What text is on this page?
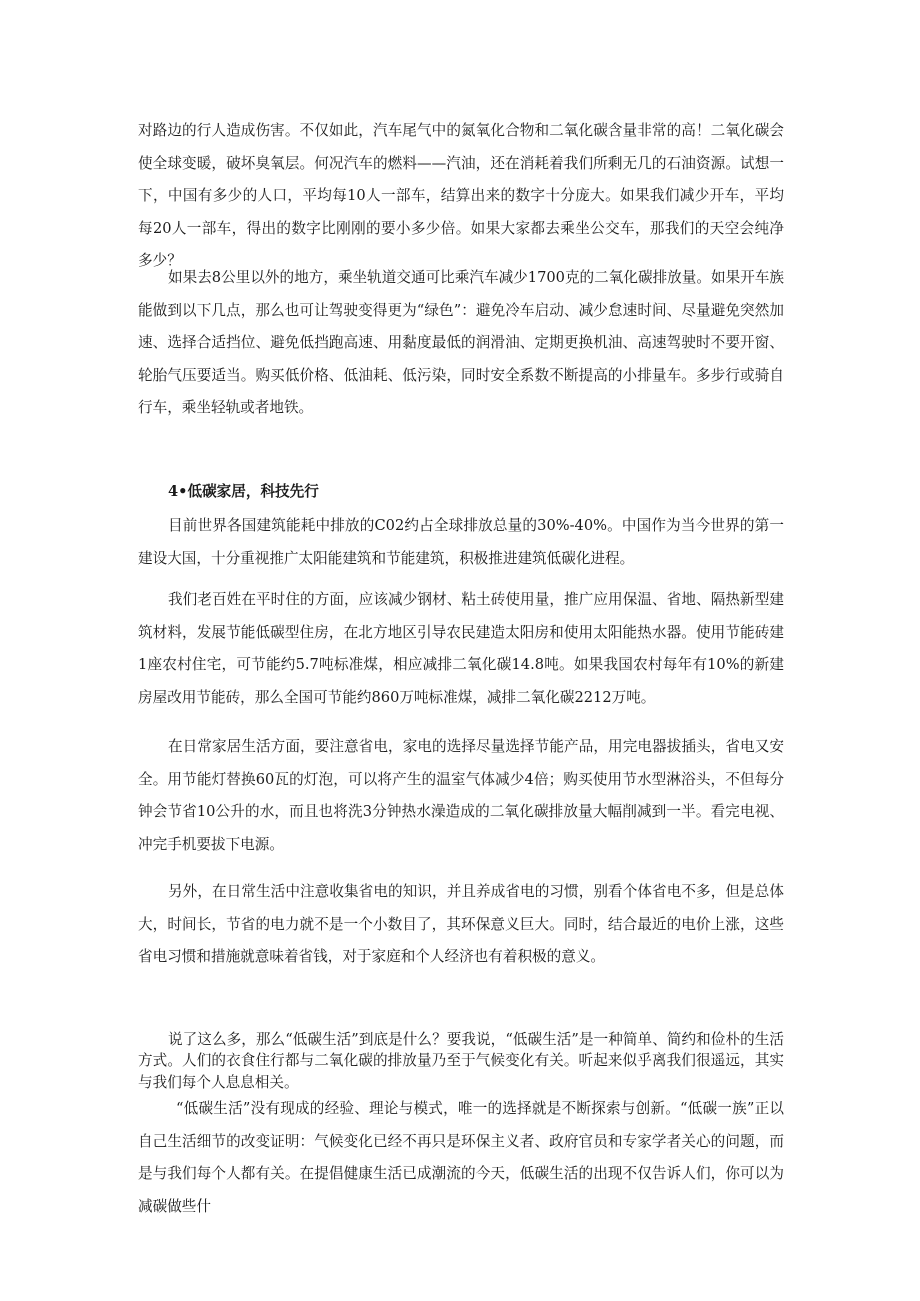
对路边的行人造成伤害。不仅如此，汽车尾气中的氮氧化合物和二氧化碳含量非常的高！二氧化碳会使全球变暖，破坏臭氧层。何况汽车的燃料——汽油，还在消耗着我们所剩无几的石油资源。试想一下，中国有多少的人口，平均每10人一部车，结算出来的数字十分庞大。如果我们减少开车，平均每20人一部车，得出的数字比刚刚的要小多少倍。如果大家都去乘坐公交车，那我们的天空会纯净多少？

如果去8公里以外的地方，乘坐轨道交通可比乘汽车减少1700克的二氧化碳排放量。如果开车族能做到以下几点，那么也可让驾驶变得更为“绿色”：避免冷车启动、减少怠速时间、尽量避免突然加速、选择合适挡位、避免低挡跑高速、用黏度最低的润滑油、定期更换机油、高速驾驶时不要开窗、轮胎气压要适当。购买低价格、低油耗、低污染，同时安全系数不断提高的小排量车。多步行或骑自行车，乘坐轻轨或者地铁。

4•低碳家居，科技先行

目前世界各国建筑能耗中排放的C02约占全球排放总量的30%-40%。中国作为当今世界的第一建设大国，十分重视推广太阳能建筑和节能建筑，积极推进建筑低碳化进程。

我们老百姓在平时住的方面，应该减少钢材、粘土砖使用量，推广应用保温、省地、隔热新型建筑材料，发展节能低碳型住房，在北方地区引导农民建造太阳房和使用太阳能热水器。使用节能砖建1座农村住宅，可节能约5.7吨标准煤，相应减排二氧化碳14.8吨。如果我国农村每年有10%的新建房屋改用节能砖，那么全国可节能约860万吨标准煤，减排二氧化碳2212万吨。

在日常家居生活方面，要注意省电，家电的选择尽量选择节能产品，用完电器拔插头，省电又安全。用节能灯替换60瓦的灯泡，可以将产生的温室气体减少4倍；购买使用节水型淋浴头，不但每分钟会节省10公升的水，而且也将洗3分钟热水澡造成的二氧化碳排放量大幅削减到一半。看完电视、冲完手机要拔下电源。

另外，在日常生活中注意收集省电的知识，并且养成省电的习惯，别看个体省电不多，但是总体大，时间长，节省的电力就不是一个小数目了，其环保意义巨大。同时，结合最近的电价上涨，这些省电习惯和措施就意味着省钱，对于家庭和个人经济也有着积极的意义。

说了这么多，那么“低碳生活”到底是什么？要我说，“低碳生活”是一种简单、简约和俭朴的生活方式。人们的衣食住行都与二氧化碳的排放量乃至于气候变化有关。听起来似乎离我们很遥远，其实与我们每个人息息相关。

“低碳生活”没有现成的经验、理论与模式，唯一的选择就是不断探索与创新。“低碳一族”正以自己生活细节的改变证明：气候变化已经不再只是环保主义者、政府官员和专家学者关心的问题，而是与我们每个人都有关。在提倡健康生活已成潮流的今天，低碳生活的出现不仅告诉人们，你可以为减碳做些什
